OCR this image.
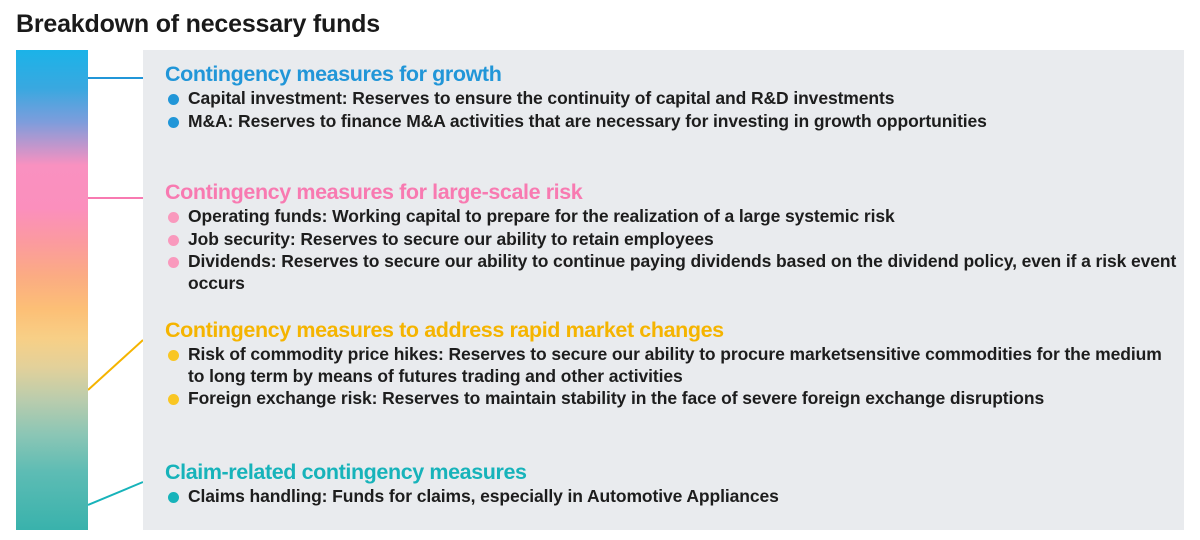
Breakdown of necessary funds
Contingency measures for growth
Capital investment: Reserves to ensure the continuity of capital and R&D investments
M&A: Reserves to finance M&A activities that are necessary for investing in growth opportunities
Contingency measures for large-scale risk
Operating funds: Working capital to prepare for the realization of a large systemic risk
Job security: Reserves to secure our ability to retain employees
Dividends: Reserves to secure our ability to continue paying dividends based on the dividend policy, even if a risk event occurs
Contingency measures to address rapid market changes
Risk of commodity price hikes: Reserves to secure our ability to procure marketsensitive commodities for the medium to long term by means of futures trading and other activities
Foreign exchange risk: Reserves to maintain stability in the face of severe foreign exchange disruptions
Claim-related contingency measures
Claims handling: Funds for claims, especially in Automotive Appliances
